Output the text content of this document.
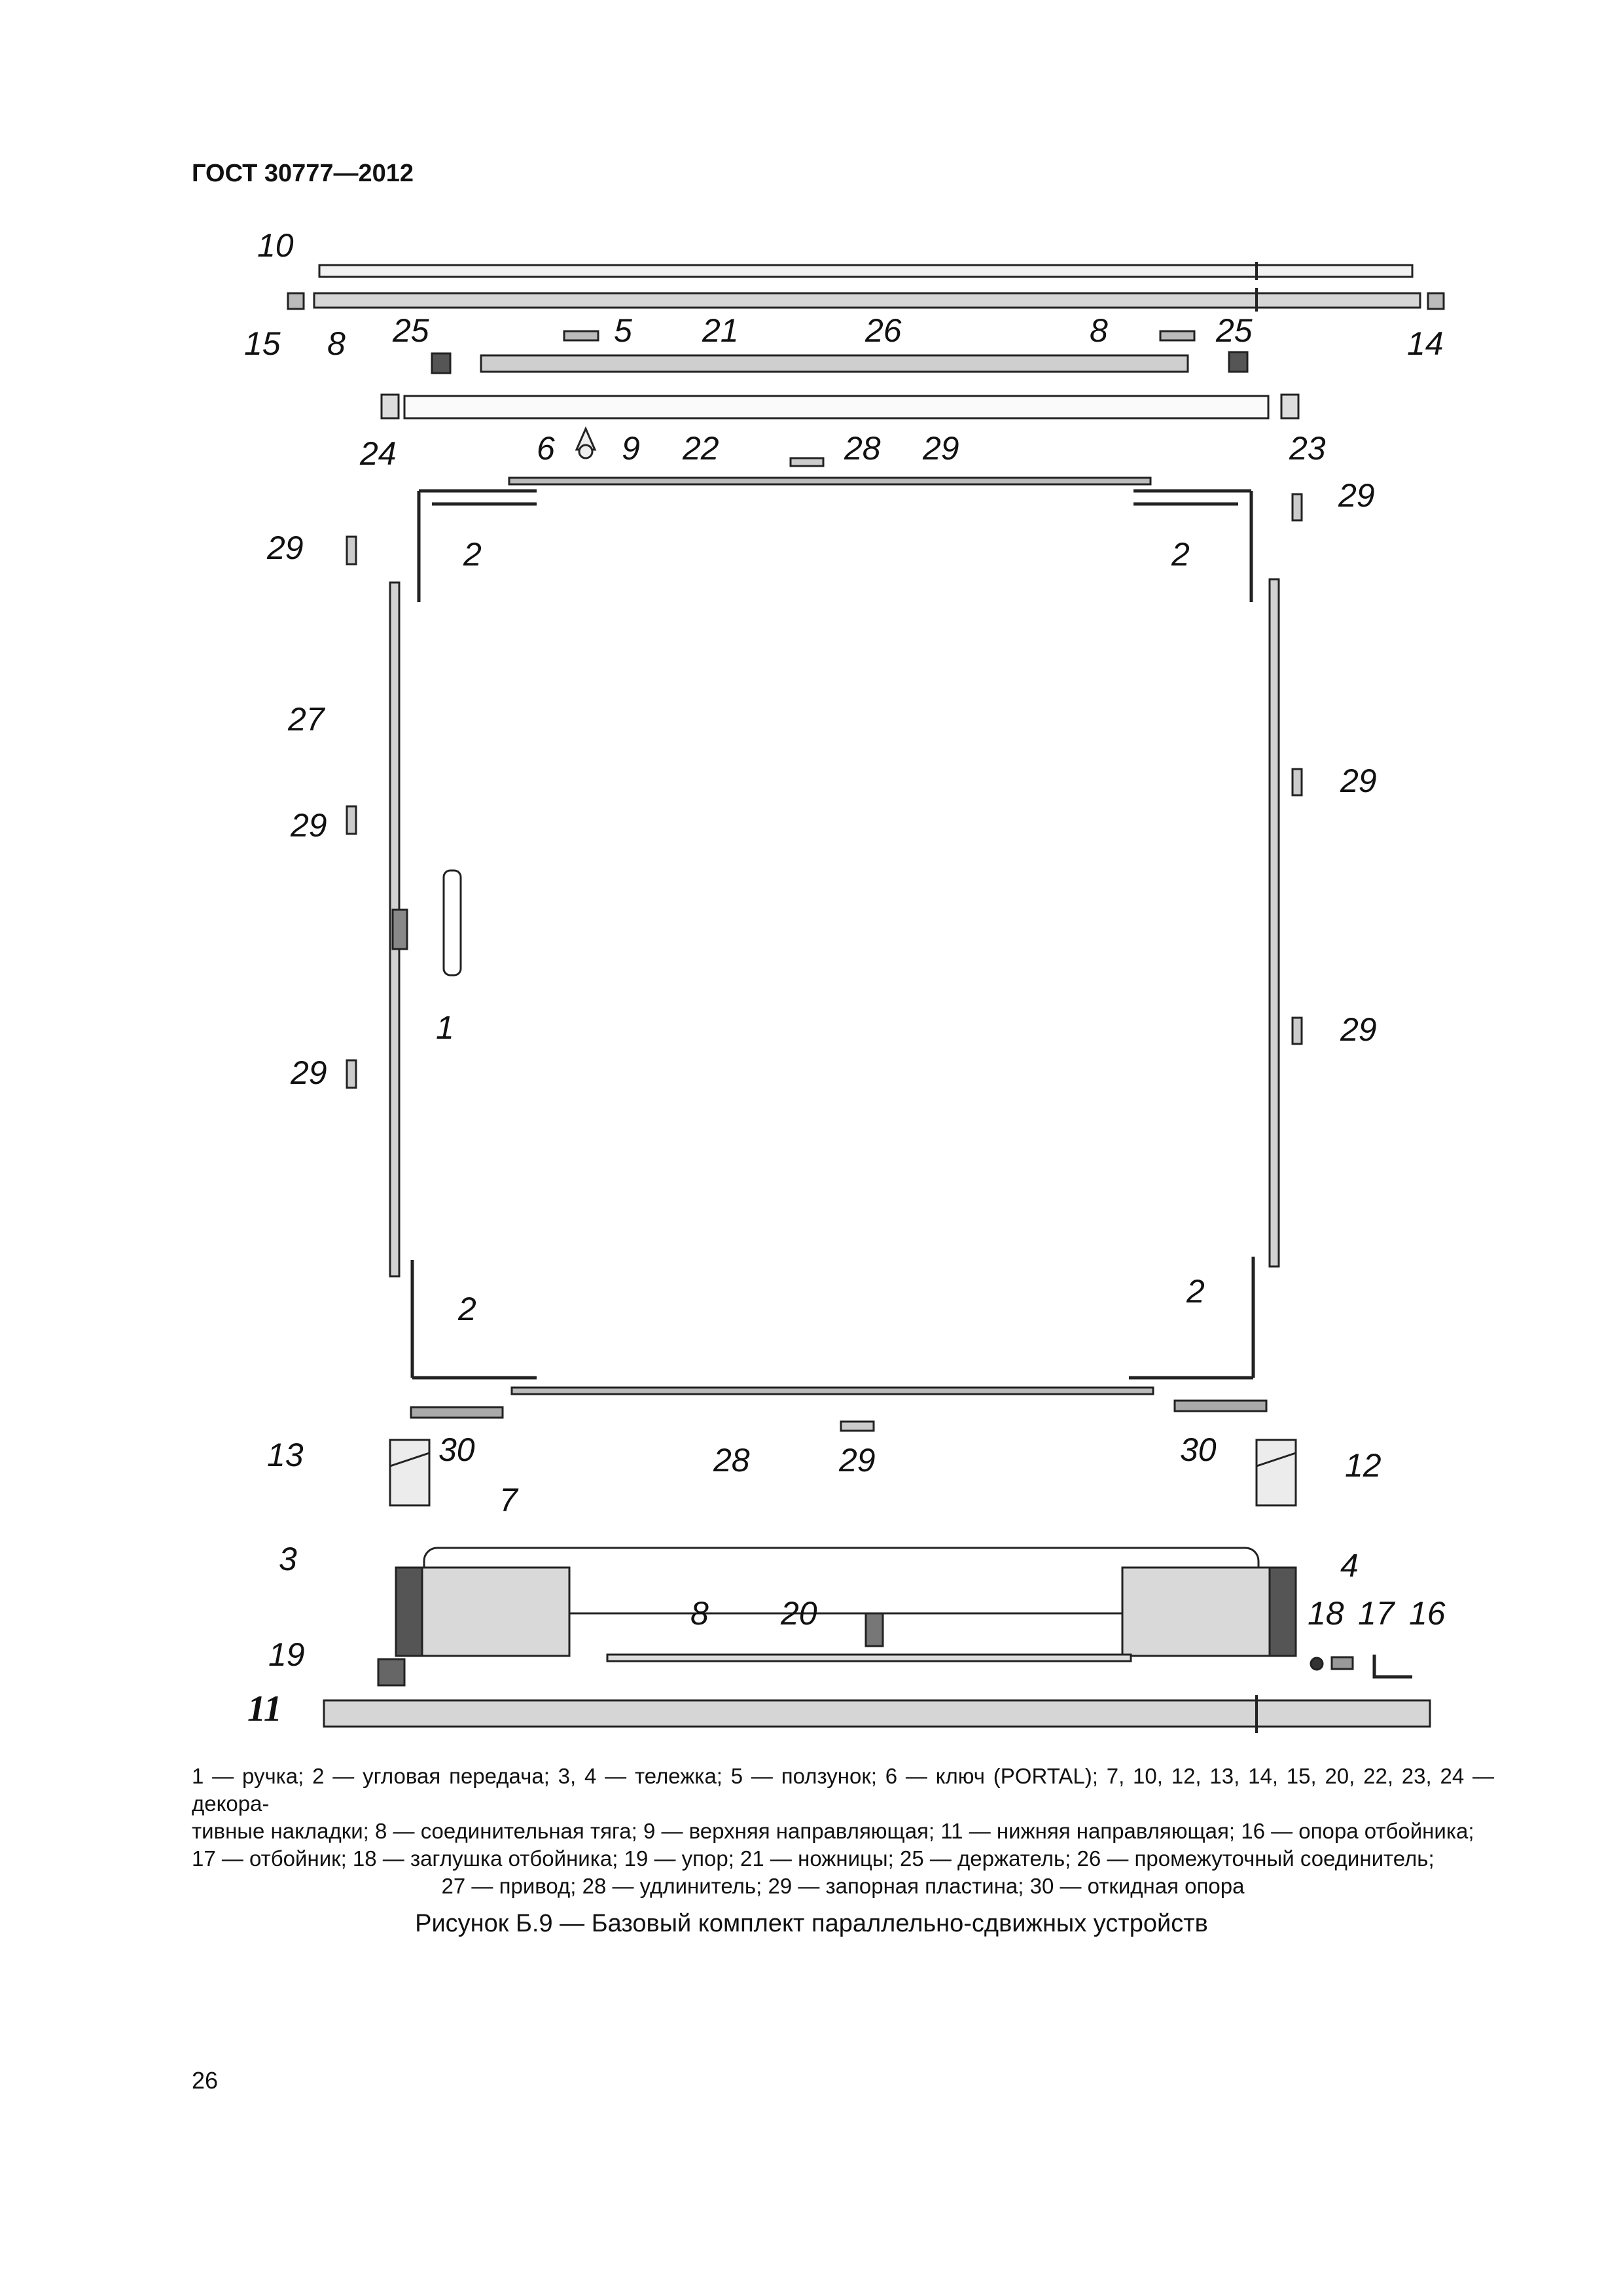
ГОСТ 30777—2012
10
15 8 25	5 21	26	8	25	14
24	6 9 22	28 29	23
29
29	2	2
27
29
29
1	29
29
2	2
13	30	28	29	30	12
7
3	4
8 20	18 17 16
19
11
1 — ручка; 2 — угловая передача; 3, 4 — тележка; 5 — ползунок; 6 — ключ (PORTAL); 7, 10, 12, 13, 14, 15, 20, 22, 23, 24 — декора-
тивные накладки; 8 — соединительная тяга; 9 — верхняя направляющая; 11 — нижняя направляющая; 16 — опора отбойника;
17 — отбойник; 18 — заглушка отбойника; 19 — упор; 21 — ножницы; 25 — держатель; 26 — промежуточный соединитель;
27 — привод; 28 — удлинитель; 29 — запорная пластина; 30 — откидная опора
Рисунок Б.9 — Базовый комплект параллельно-сдвижных устройств
26
